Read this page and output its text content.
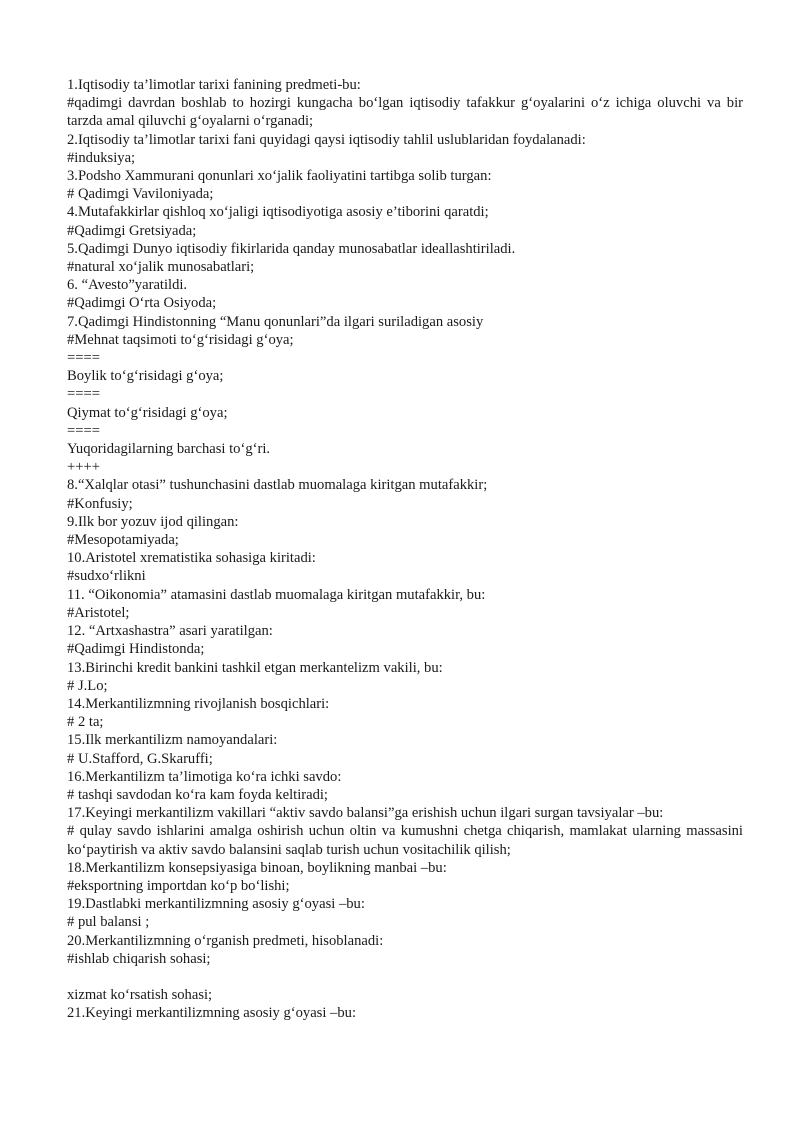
1.Iqtisodiy ta’limotlar tarixi fanining predmeti-bu:
#qadimgi davrdan boshlab to hozirgi kungacha bo‘lgan iqtisodiy tafakkur g‘oyalarini o‘z ichiga oluvchi va bir tarzda amal qiluvchi g‘oyalarni o‘rganadi;
2.Iqtisodiy ta’limotlar tarixi fani quyidagi qaysi iqtisodiy tahlil uslublaridan foydalanadi:
#induksiya;
3.Podsho Xammurani qonunlari xo‘jalik faoliyatini tartibga solib turgan:
# Qadimgi Vaviloniyada;
4.Mutafakkirlar qishloq xo‘jaligi iqtisodiyotiga asosiy e’tiborini qaratdi;
#Qadimgi Gretsiyada;
5.Qadimgi Dunyo iqtisodiy fikirlarida qanday munosabatlar ideallashtiriladi.
#natural xo‘jalik munosabatlari;
6. “Avesto”yaratildi.
#Qadimgi O‘rta Osiyoda;
7.Qadimgi Hindistonning “Manu qonunlari”da ilgari suriladigan asosiy
#Mehnat taqsimoti to‘g‘risidagi g‘oya;
====
Boylik to‘g‘risidagi g‘oya;
====
Qiymat to‘g‘risidagi g‘oya;
====
Yuqoridagilarning barchasi to‘g‘ri.
++++
8.“Xalqlar otasi” tushunchasini dastlab muomalaga kiritgan mutafakkir;
#Konfusiy;
9.Ilk bor yozuv ijod qilingan:
#Mesopotamiyada;
10.Aristotel xrematistika sohasiga kiritadi:
#sudxo‘rlikni
11. “Oikonomia” atamasini dastlab muomalaga kiritgan mutafakkir, bu:
#Aristotel;
12. “Artxashastra” asari yaratilgan:
#Qadimgi Hindistonda;
13.Birinchi kredit bankini tashkil etgan merkantelizm vakili, bu:
# J.Lo;
14.Merkantilizmning rivojlanish bosqichlari:
# 2 ta;
15.Ilk merkantilizm namoyandalari:
# U.Stafford, G.Skaruffi;
16.Merkantilizm ta’limotiga ko‘ra ichki savdo:
# tashqi savdodan ko‘ra kam foyda keltiradi;
17.Keyingi merkantilizm vakillari “aktiv savdo balansi”ga erishish uchun ilgari surgan tavsiyalar –bu:
# qulay savdo ishlarini amalga oshirish uchun oltin va kumushni chetga chiqarish, mamlakat ularning massasini ko‘paytirish va aktiv savdo balansini saqlab turish uchun vositachilik qilish;
18.Merkantilizm konsepsiyasiga binoan, boylikning manbai –bu:
#eksportning importdan ko‘p bo‘lishi;
19.Dastlabki merkantilizmning asosiy g‘oyasi –bu:
# pul balansi ;
20.Merkantilizmning o‘rganish predmeti, hisoblanadi:
#ishlab chiqarish sohasi;
xizmat ko‘rsatish sohasi;
21.Keyingi merkantilizmning asosiy g‘oyasi –bu:
